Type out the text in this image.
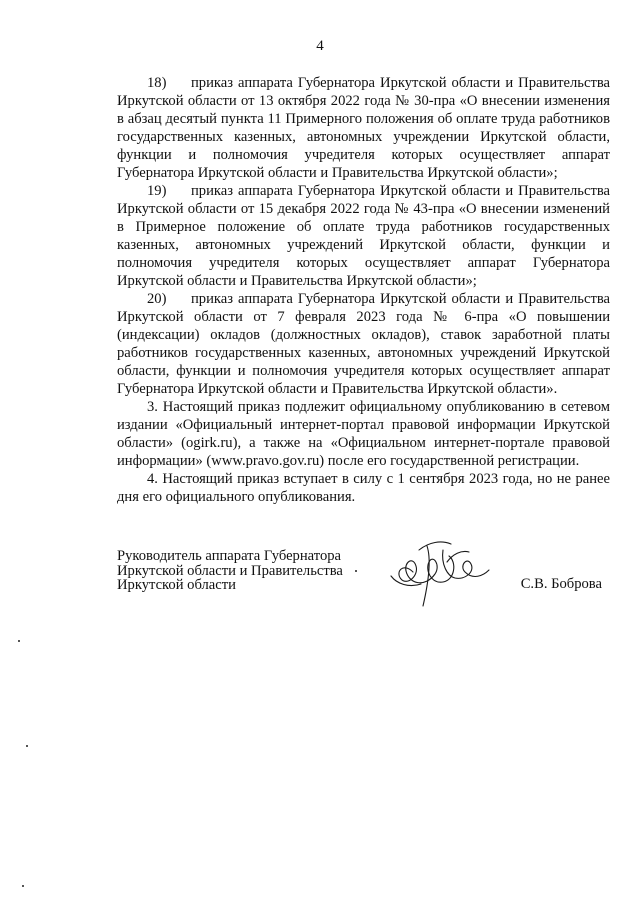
4

18) приказ аппарата Губернатора Иркутской области и Правительства Иркутской области от 13 октября 2022 года № 30-пра «О внесении изменения в абзац десятый пункта 11 Примерного положения об оплате труда работников государственных казенных, автономных учреждении Иркутской области, функции и полномочия учредителя которых осуществляет аппарат Губернатора Иркутской области и Правительства Иркутской области»;

19) приказ аппарата Губернатора Иркутской области и Правительства Иркутской области от 15 декабря 2022 года № 43-пра «О внесении изменений в Примерное положение об оплате труда работников государственных казенных, автономных учреждений Иркутской области, функции и полномочия учредителя которых осуществляет аппарат Губернатора Иркутской области и Правительства Иркутской области»;

20) приказ аппарата Губернатора Иркутской области и Правительства Иркутской области от 7 февраля 2023 года № 6-пра «О повышении (индексации) окладов (должностных окладов), ставок заработной платы работников государственных казенных, автономных учреждений Иркутской области, функции и полномочия учредителя которых осуществляет аппарат Губернатора Иркутской области и Правительства Иркутской области».

3. Настоящий приказ подлежит официальному опубликованию в сетевом издании «Официальный интернет-портал правовой информации Иркутской области» (ogirk.ru), а также на «Официальном интернет-портале правовой информации» (www.pravo.gov.ru) после его государственной регистрации.

4. Настоящий приказ вступает в силу с 1 сентября 2023 года, но не ранее дня его официального опубликования.

Руководитель аппарата Губернатора
Иркутской области и Правительства
Иркутской области	С.В. Боброва
